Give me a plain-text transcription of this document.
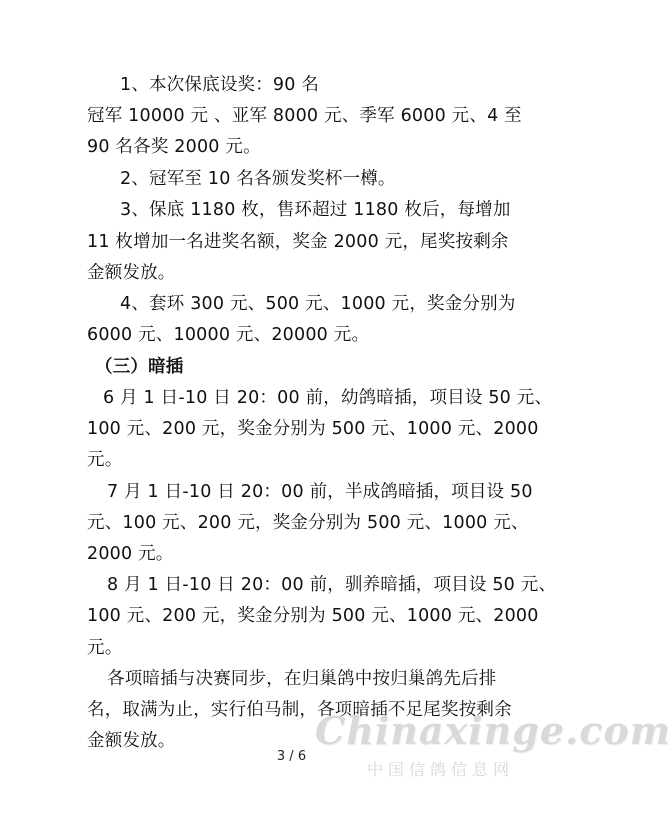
1、本次保底设奖：90 名
冠军 10000 元 、亚军 8000 元、季军 6000 元、4 至
90 名各奖 2000 元。
2、冠军至 10 名各颁发奖杯一樽。
3、保底 1180 枚，售环超过 1180 枚后，每增加
11 枚增加一名进奖名额，奖金 2000 元，尾奖按剩余
金额发放。
4、套环 300 元、500 元、1000 元，奖金分别为
6000 元、10000 元、20000 元。
（三）暗插
6 月 1 日-10 日 20：00 前，幼鸽暗插，项目设 50 元、
100 元、200 元，奖金分别为 500 元、1000 元、2000
元。
7 月 1 日-10 日 20：00 前，半成鸽暗插，项目设 50
元、100 元、200 元，奖金分别为 500 元、1000 元、
2000 元。
8 月 1 日-10 日 20：00 前，驯养暗插，项目设 50 元、
100 元、200 元，奖金分别为 500 元、1000 元、2000
元。
各项暗插与决赛同步，在归巢鸽中按归巢鸽先后排
名，取满为止，实行伯马制，各项暗插不足尾奖按剩余
金额发放。	Chinaxinge.com
中国信鸽信息网
3 / 6
